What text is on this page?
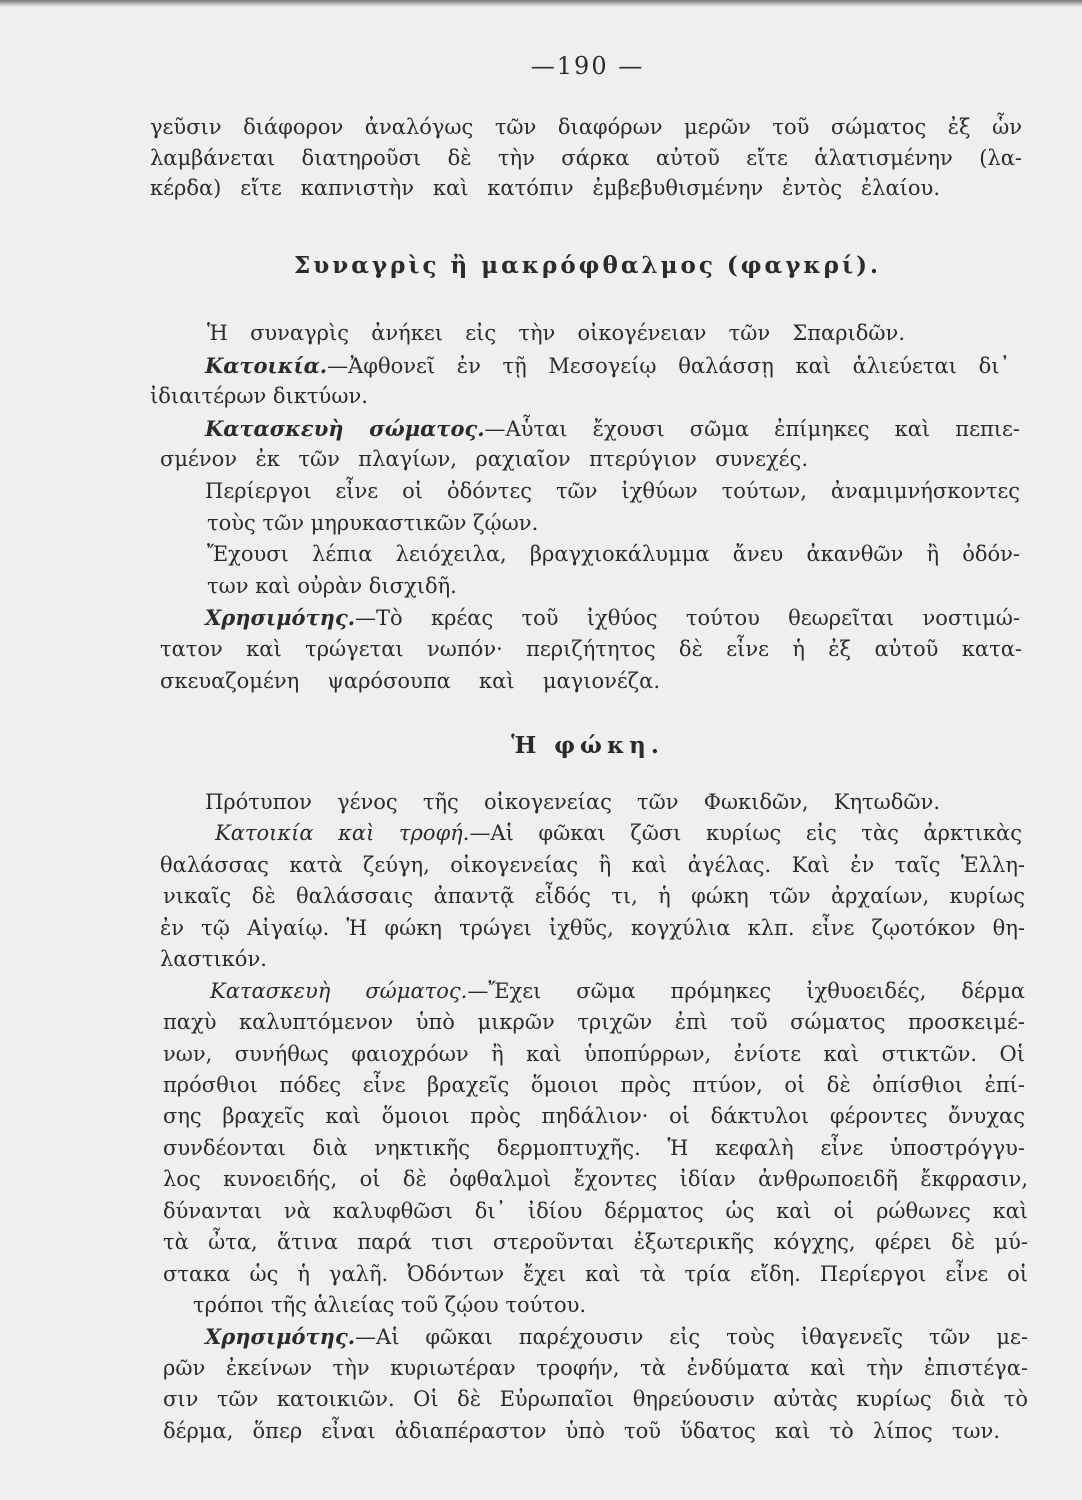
—190 —
γεῦσιν διάφορον ἀναλόγως τῶν διαφόρων μερῶν τοῦ σώματος ἐξ ὧν
λαμβάνεται διατηροῦσι δὲ τὴν σάρκα αὐτοῦ εἴτε ἁλατισμένην (λα-
κέρδα) εἴτε καπνιστὴν καὶ κατόπιν ἐμβεβυθισμένην ἐντὸς ἐλαίου.
Συναγρὶς ἢ μακρόφθαλμος (φαγκρί).
Ἡ συναγρὶς ἀνήκει εἰς τὴν οἰκογένειαν τῶν Σπαριδῶν.
Κατοικία.—Ἀφθονεῖ ἐν τῇ Μεσογείῳ θαλάσσῃ καὶ ἁλιεύεται δι᾽
ἰδιαιτέρων δικτύων.
Κατασκευὴ σώματος.—Αὗται ἔχουσι σῶμα ἐπίμηκες καὶ πεπιε-
σμένον ἐκ τῶν πλαγίων, ραχιαῖον πτερύγιον συνεχές.
Περίεργοι εἶνε οἱ ὀδόντες τῶν ἰχθύων τούτων, ἀναμιμνήσκοντες
τοὺς τῶν μηρυκαστικῶν ζῴων.
Ἔχουσι λέπια λειόχειλα, βραγχιοκάλυμμα ἄνευ ἀκανθῶν ἢ ὀδόν-
των καὶ οὐρὰν δισχιδῆ.
Χρησιμότης.—Τὸ κρέας τοῦ ἰχθύος τούτου θεωρεῖται νοστιμώ-
τατον καὶ τρώγεται νωπόν· περιζήτητος δὲ εἶνε ἡ ἐξ αὐτοῦ κατα-
σκευαζομένη ψαρόσουπα καὶ μαγιονέζα.
Ἡ φώκη.
Πρότυπον γένος τῆς οἰκογενείας τῶν Φωκιδῶν, Κητωδῶν.
Κατοικία καὶ τροφή.—Αἱ φῶκαι ζῶσι κυρίως εἰς τὰς ἀρκτικὰς
θαλάσσας κατὰ ζεύγη, οἰκογενείας ἢ καὶ ἀγέλας. Καὶ ἐν ταῖς Ἑλλη-
νικαῖς δὲ θαλάσσαις ἀπαντᾷ εἶδός τι, ἡ φώκη τῶν ἀρχαίων, κυρίως
ἐν τῷ Αἰγαίῳ. Ἡ φώκη τρώγει ἰχθῦς, κογχύλια κλπ. εἶνε ζῳοτόκον θη-
λαστικόν.
Κατασκευὴ σώματος.—Ἔχει σῶμα πρόμηκες ἰχθυοειδές, δέρμα
παχὺ καλυπτόμενον ὑπὸ μικρῶν τριχῶν ἐπὶ τοῦ σώματος προσκειμέ-
νων, συνήθως φαιοχρόων ἢ καὶ ὑποπύρρων, ἐνίοτε καὶ στικτῶν. Οἱ
πρόσθιοι πόδες εἶνε βραχεῖς ὅμοιοι πρὸς πτύον, οἱ δὲ ὀπίσθιοι ἐπί-
σης βραχεῖς καὶ ὅμοιοι πρὸς πηδάλιον· οἱ δάκτυλοι φέροντες ὄνυχας
συνδέονται διὰ νηκτικῆς δερμοπτυχῆς. Ἡ κεφαλὴ εἶνε ὑποστρόγγυ-
λος κυνοειδής, οἱ δὲ ὀφθαλμοὶ ἔχοντες ἰδίαν ἀνθρωποειδῆ ἔκφρασιν,
δύνανται νὰ καλυφθῶσι δι᾽ ἰδίου δέρματος ὡς καὶ οἱ ρώθωνες καὶ
τὰ ὦτα, ἅτινα παρά τισι στεροῦνται ἐξωτερικῆς κόγχης, φέρει δὲ μύ-
στακα ὡς ἡ γαλῆ. Ὀδόντων ἔχει καὶ τὰ τρία εἴδη. Περίεργοι εἶνε οἱ
τρόποι τῆς ἁλιείας τοῦ ζῴου τούτου.
Χρησιμότης.—Αἱ φῶκαι παρέχουσιν εἰς τοὺς ἰθαγενεῖς τῶν με-
ρῶν ἐκείνων τὴν κυριωτέραν τροφήν, τὰ ἐνδύματα καὶ τὴν ἐπιστέγα-
σιν τῶν κατοικιῶν. Οἱ δὲ Εὐρωπαῖοι θηρεύουσιν αὐτὰς κυρίως διὰ τὸ
δέρμα, ὅπερ εἶναι ἀδιαπέραστον ὑπὸ τοῦ ὕδατος καὶ τὸ λίπος των.
